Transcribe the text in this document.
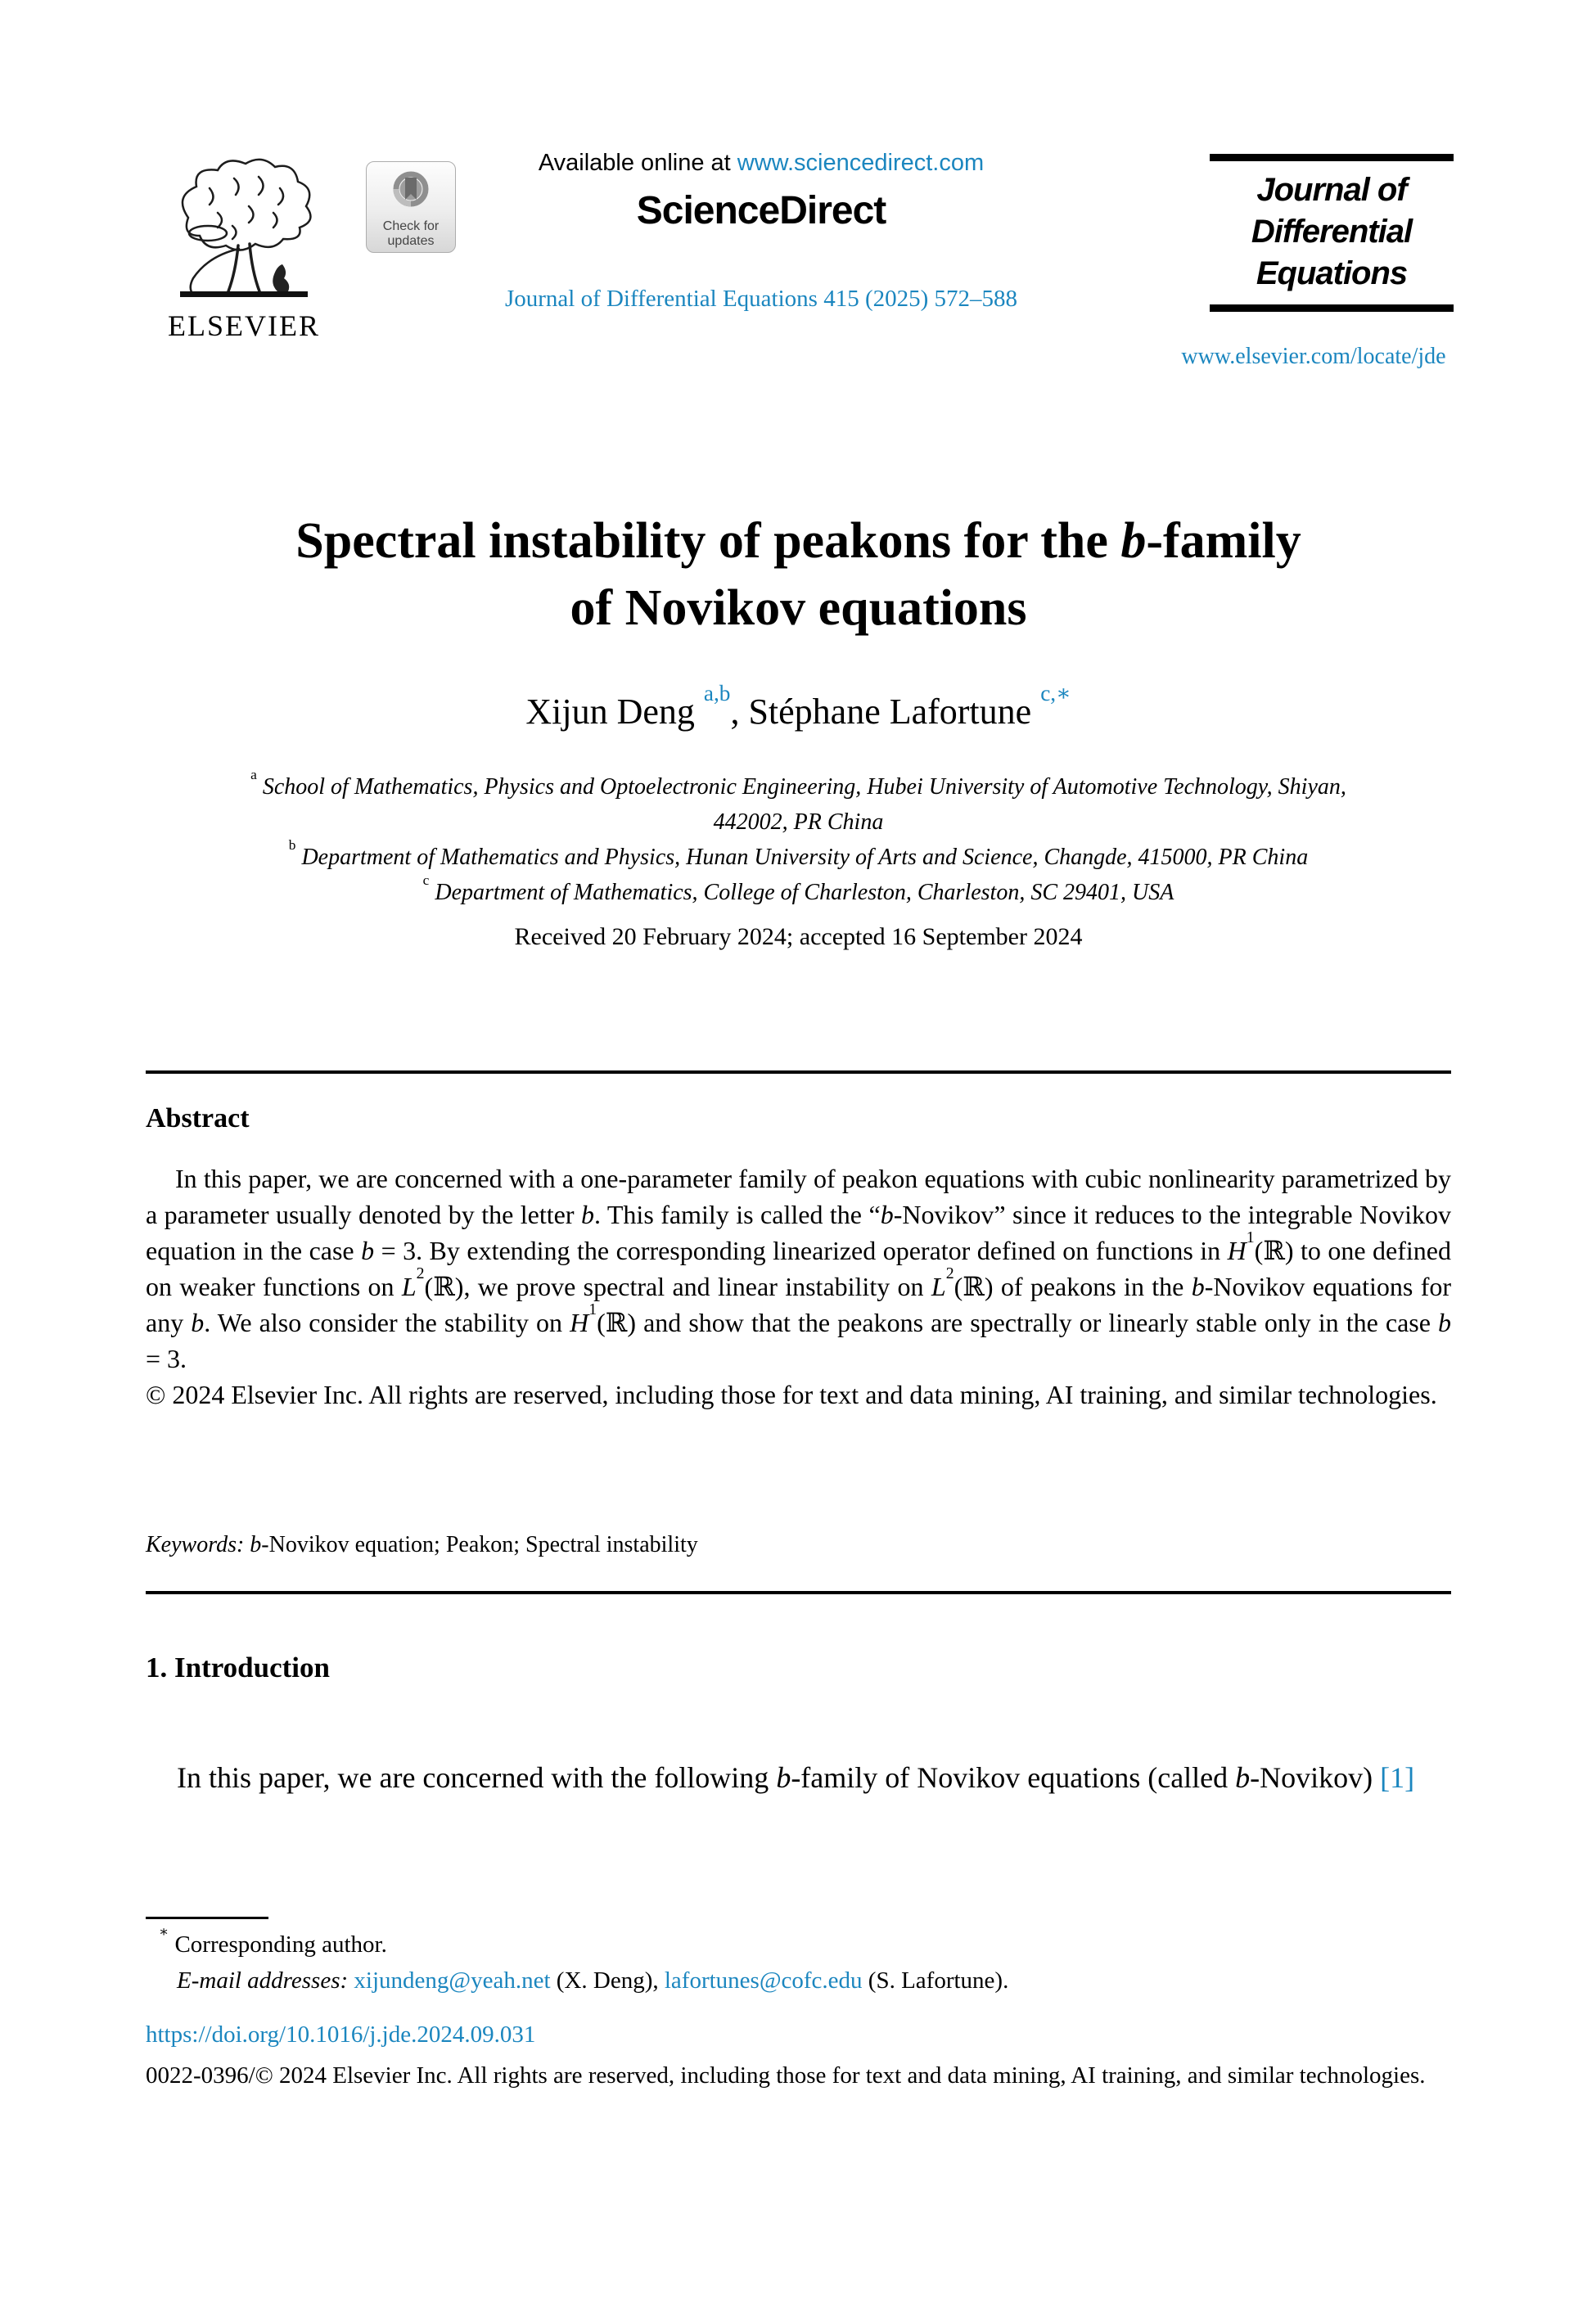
ELSEVIER
Check for
updates
Available online at www.sciencedirect.com
ScienceDirect
Journal of Differential Equations 415 (2025) 572–588
Journal of
Differential
Equations
www.elsevier.com/locate/jde
Spectral instability of peakons for the b-family
of Novikov equations
Xijun Deng $^{a,b}$, Stéphane Lafortune $^{c,∗}$
$^a$ School of Mathematics, Physics and Optoelectronic Engineering, Hubei University of Automotive Technology, Shiyan,
442002, PR China
$^b$ Department of Mathematics and Physics, Hunan University of Arts and Science, Changde, 415000, PR China
$^c$ Department of Mathematics, College of Charleston, Charleston, SC 29401, USA
Received 20 February 2024; accepted 16 September 2024
Abstract

In this paper, we are concerned with a one-parameter family of peakon equations with cubic nonlinearity parametrized by a parameter usually denoted by the letter b. This family is called the “b-Novikov” since it reduces to the integrable Novikov equation in the case b = 3. By extending the corresponding linearized operator defined on functions in $H^1(ℝ)$ to one defined on weaker functions on $L^2(ℝ)$, we prove spectral and linear instability on $L^2(ℝ)$ of peakons in the b-Novikov equations for any b. We also consider the stability on $H^1(ℝ)$ and show that the peakons are spectrally or linearly stable only in the case b = 3.

© 2024 Elsevier Inc. All rights are reserved, including those for text and data mining, AI training, and similar technologies.

Keywords: b-Novikov equation; Peakon; Spectral instability
1. Introduction

In this paper, we are concerned with the following b-family of Novikov equations (called b-Novikov) [1]

∗ Corresponding author.
E-mail addresses: xijundeng@yeah.net (X. Deng), lafortunes@cofc.edu (S. Lafortune).
https://doi.org/10.1016/j.jde.2024.09.031
0022-0396/© 2024 Elsevier Inc. All rights are reserved, including those for text and data mining, AI training, and similar technologies.
